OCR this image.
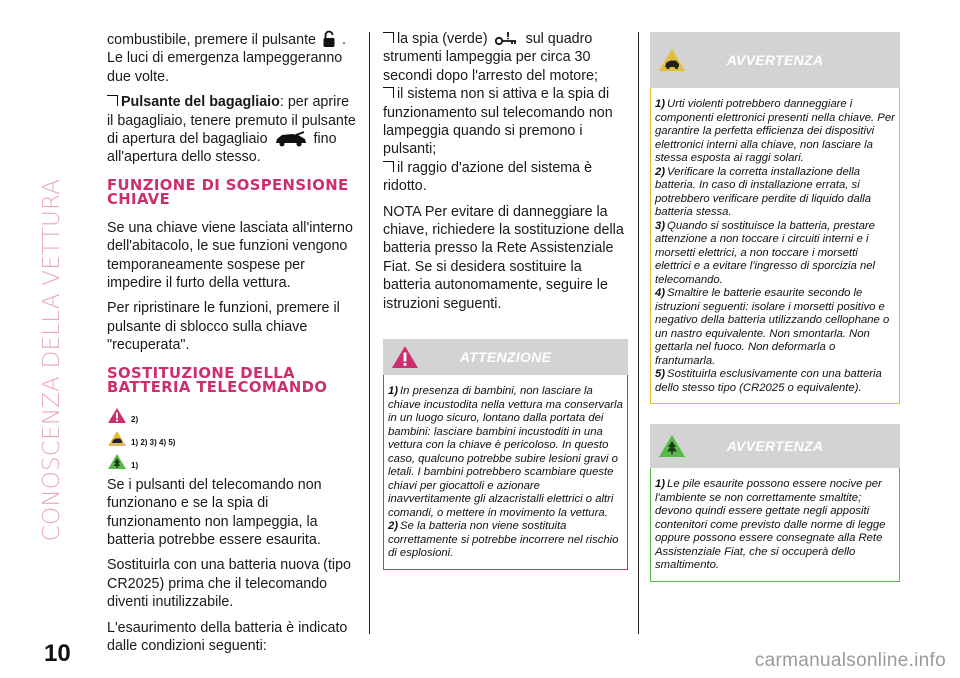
CONOSCENZA DELLA VETTURA
10	carmanualsonline.info

combustibile, premere il pulsante . Le luci di emergenza lampeggeranno due volte.

Pulsante del bagagliaio: per aprire il bagagliaio, tenere premuto il pulsante di apertura del bagagliaio	fino all'apertura dello stesso.

FUNZIONE DI SOSPENSIONE CHIAVE

Se una chiave viene lasciata all'interno dell'abitacolo, le sue funzioni vengono temporaneamente sospese per impedire il furto della vettura.

Per ripristinare le funzioni, premere il pulsante di sblocco sulla chiave "recuperata".

SOSTITUZIONE DELLA BATTERIA TELECOMANDO
2)
1) 2) 3) 4) 5)
1)

Se i pulsanti del telecomando non funzionano e se la spia di funzionamento non lampeggia, la batteria potrebbe essere esaurita.

Sostituirla con una batteria nuova (tipo CR2025) prima che il telecomando diventi inutilizzabile.

L'esaurimento della batteria è indicato dalle condizioni seguenti:

la spia (verde)	sul quadro strumenti lampeggia per circa 30 secondi dopo l'arresto del motore;

il sistema non si attiva e la spia di funzionamento sul telecomando non lampeggia quando si premono i pulsanti;

il raggio d'azione del sistema è ridotto.

NOTA Per evitare di danneggiare la chiave, richiedere la sostituzione della batteria presso la Rete Assistenziale Fiat. Se si desidera sostituire la batteria autonomamente, seguire le istruzioni seguenti.

ATTENZIONE
1) In presenza di bambini, non lasciare la chiave incustodita nella vettura ma conservarla in un luogo sicuro, lontano dalla portata dei bambini: lasciare bambini incustoditi in una vettura con la chiave è pericoloso. In questo caso, qualcuno potrebbe subire lesioni gravi o letali. I bambini potrebbero scambiare queste chiavi per giocattoli e azionare inavvertitamente gli alzacristalli elettrici o altri comandi, o mettere in movimento la vettura.
2) Se la batteria non viene sostituita correttamente si potrebbe incorrere nel rischio di esplosioni.
AVVERTENZA
1) Urti violenti potrebbero danneggiare i componenti elettronici presenti nella chiave. Per garantire la perfetta efficienza dei dispositivi elettronici interni alla chiave, non lasciare la stessa esposta ai raggi solari.
2) Verificare la corretta installazione della batteria. In caso di installazione errata, si potrebbero verificare perdite di liquido dalla batteria stessa.
3) Quando si sostituisce la batteria, prestare attenzione a non toccare i circuiti interni e i morsetti elettrici, a non toccare i morsetti elettrici e a evitare l'ingresso di sporcizia nel telecomando.
4) Smaltire le batterie esaurite secondo le istruzioni seguenti: isolare i morsetti positivo e negativo della batteria utilizzando cellophane o un nastro equivalente. Non smontarla. Non gettarla nel fuoco. Non deformarla o frantumarla.
5) Sostituirla esclusivamente con una batteria dello stesso tipo (CR2025 o equivalente).
AVVERTENZA
1) Le pile esaurite possono essere nocive per l'ambiente se non correttamente smaltite; devono quindi essere gettate negli appositi contenitori come previsto dalle norme di legge oppure possono essere consegnate alla Rete Assistenziale Fiat, che si occuperà dello smaltimento.
